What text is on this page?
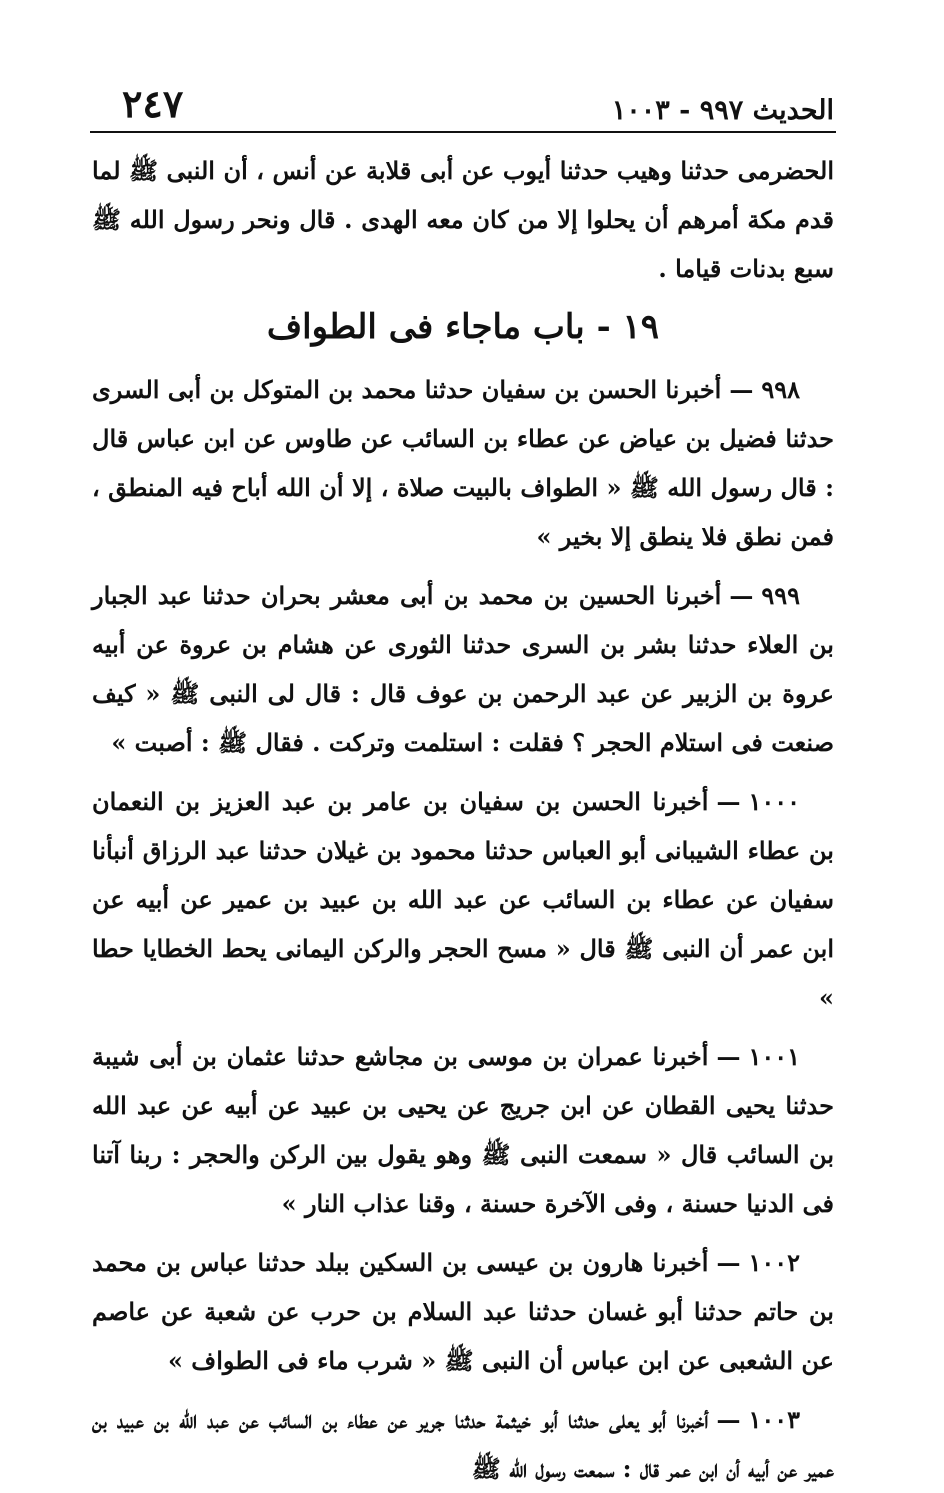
الحديث ٩٩٧ - ١٠٠٣
٢٤٧
الحضرمى حدثنا وهيب حدثنا أيوب عن أبى قلابة عن أنس ، أن النبى ﷺ لما قدم مكة أمرهم أن يحلوا إلا من كان معه الهدى . قال ونحر رسول الله ﷺ سبع بدنات قياما .
١٩ - باب ماجاء فى الطواف
٩٩٨—أخبرنا الحسن بن سفيان حدثنا محمد بن المتوكل بن أبى السرى حدثنا فضيل بن عياض عن عطاء بن السائب عن طاوس عن ابن عباس قال : قال رسول الله ﷺ « الطواف بالبيت صلاة ، إلا أن الله أباح فيه المنطق ، فمن نطق فلا ينطق إلا بخير »
٩٩٩—أخبرنا الحسين بن محمد بن أبى معشر بحران حدثنا عبد الجبار بن العلاء حدثنا بشر بن السرى حدثنا الثورى عن هشام بن عروة عن أبيه عروة بن الزبير عن عبد الرحمن بن عوف قال : قال لى النبى ﷺ « كيف صنعت فى استلام الحجر ؟ فقلت : استلمت وتركت . فقال ﷺ : أصبت »
١٠٠٠—أخبرنا الحسن بن سفيان بن عامر بن عبد العزيز بن النعمان بن عطاء الشيبانى أبو العباس حدثنا محمود بن غيلان حدثنا عبد الرزاق أنبأنا سفيان عن عطاء بن السائب عن عبد الله بن عبيد بن عمير عن أبيه عن ابن عمر أن النبى ﷺ قال « مسح الحجر والركن اليمانى يحط الخطايا حطا »
١٠٠١—أخبرنا عمران بن موسى بن مجاشع حدثنا عثمان بن أبى شيبة حدثنا يحيى القطان عن ابن جريج عن يحيى بن عبيد عن أبيه عن عبد الله بن السائب قال « سمعت النبى ﷺ وهو يقول بين الركن والحجر : ربنا آتنا فى الدنيا حسنة ، وفى الآخرة حسنة ، وقنا عذاب النار »
١٠٠٢—أخبرنا هارون بن عيسى بن السكين ببلد حدثنا عباس بن محمد بن حاتم حدثنا أبو غسان حدثنا عبد السلام بن حرب عن شعبة عن عاصم عن الشعبى عن ابن عباس أن النبى ﷺ « شرب ماء فى الطواف »
١٠٠٣—أخبرنا أبو يعلى حدثنا أبو خيثمة حدثنا جرير عن عطاء بن السائب عن عبد الله بن عبيد بن عمير عن أبيه أن ابن عمر قال : سمعت رسول الله ﷺ
